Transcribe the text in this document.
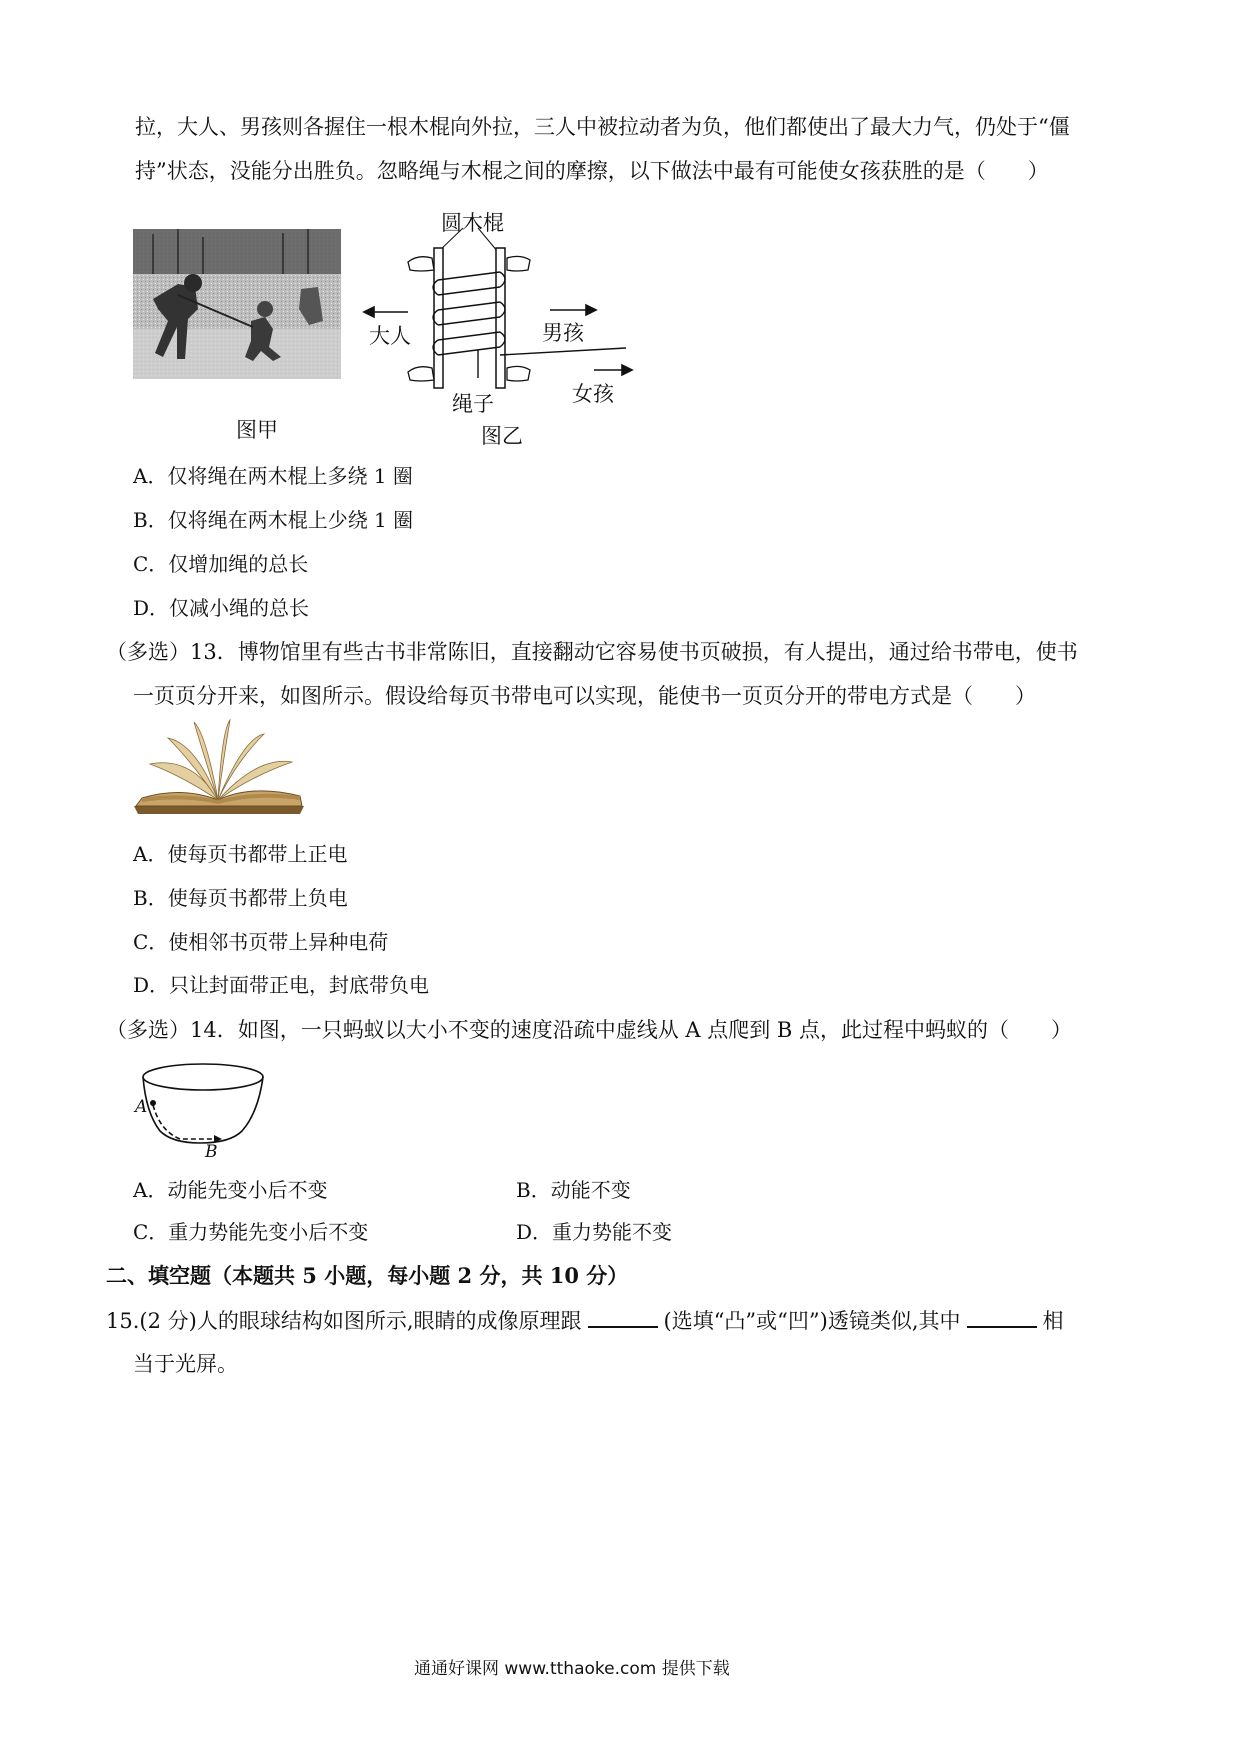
拉，大人、男孩则各握住一根木棍向外拉，三人中被拉动者为负，他们都使出了最大力气，仍处于“僵
持”状态，没能分出胜负。忽略绳与木棍之间的摩擦，以下做法中最有可能使女孩获胜的是（　　）
图甲
圆木棍
大人	男孩
绳子	女孩
图乙
A．仅将绳在两木棍上多绕 1 圈
B．仅将绳在两木棍上少绕 1 圈
C．仅增加绳的总长
D．仅减小绳的总长
（多选）13．博物馆里有些古书非常陈旧，直接翻动它容易使书页破损，有人提出，通过给书带电，使书
一页页分开来，如图所示。假设给每页书带电可以实现，能使书一页页分开的带电方式是（　　）
A．使每页书都带上正电
B．使每页书都带上负电
C．使相邻书页带上异种电荷
D．只让封面带正电，封底带负电
（多选）14．如图，一只蚂蚁以大小不变的速度沿疏中虚线从 A 点爬到 B 点，此过程中蚂蚁的（　　）
A
B
A．动能先变小后不变	B．动能不变
C．重力势能先变小后不变	D．重力势能不变
二、填空题（本题共 5 小题，每小题 2 分，共 10 分）
15.(2 分)人的眼球结构如图所示,眼睛的成像原理跟	(选填“凸”或“凹”)透镜类似,其中	相
当于光屏。
通通好课网 www.tthaoke.com 提供下载
